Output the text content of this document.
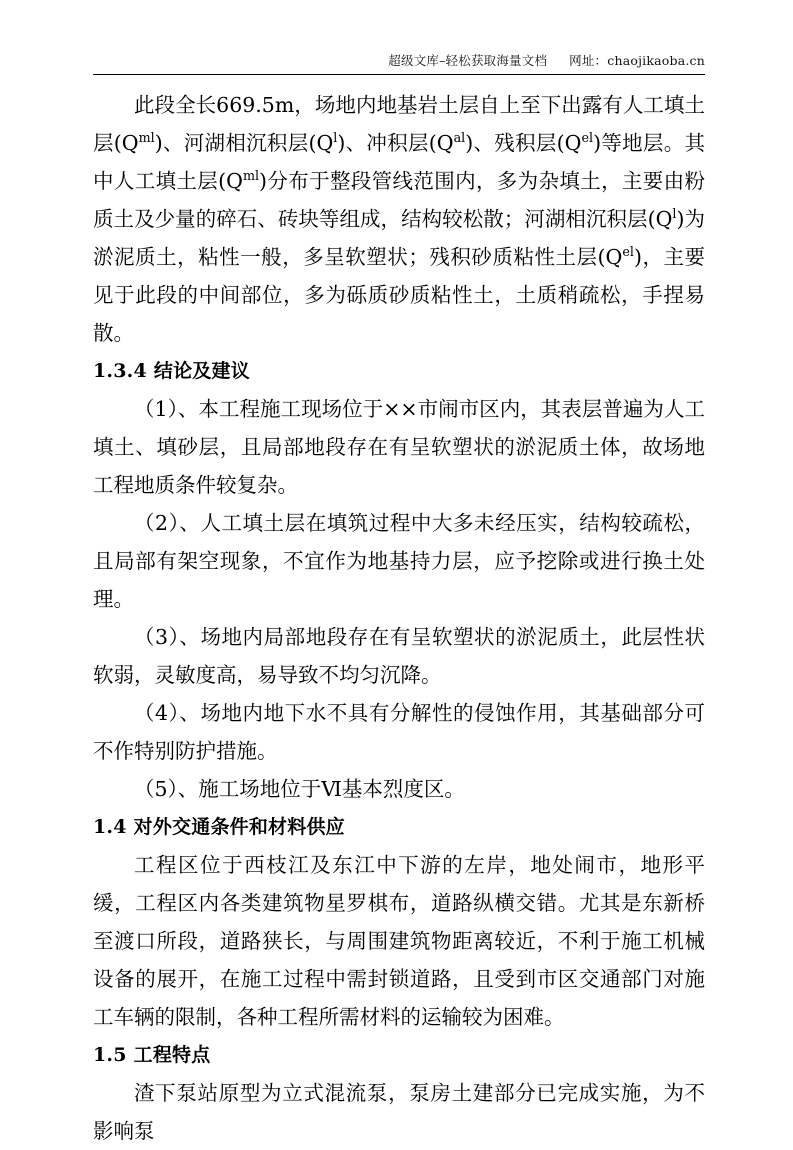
超级文库–轻松获取海量文档 网址：chaojikaoba.cn

此段全长669.5m，场地内地基岩土层自上至下出露有人工填土层$(Q^{ml})$、河湖相沉积层$(Q^l)$、冲积层$(Q^{al})$、残积层$(Q^{el})$等地层。其中人工填土层$(Q^{ml})$分布于整段管线范围内，多为杂填土，主要由粉质土及少量的碎石、砖块等组成，结构较松散；河湖相沉积层$(Q^l)$为淤泥质土，粘性一般，多呈软塑状；残积砂质粘性土层$(Q^{el})$，主要见于此段的中间部位，多为砾质砂质粘性土，土质稍疏松，手捏易散。

1.3.4 结论及建议

（1）、本工程施工现场位于××市闹市区内，其表层普遍为人工填土、填砂层，且局部地段存在有呈软塑状的淤泥质土体，故场地工程地质条件较复杂。

（2）、人工填土层在填筑过程中大多未经压实，结构较疏松，且局部有架空现象，不宜作为地基持力层，应予挖除或进行换土处理。

（3）、场地内局部地段存在有呈软塑状的淤泥质土，此层性状软弱，灵敏度高，易导致不均匀沉降。

（4）、场地内地下水不具有分解性的侵蚀作用，其基础部分可不作特别防护措施。

（5）、施工场地位于Ⅵ基本烈度区。

1.4 对外交通条件和材料供应

工程区位于西枝江及东江中下游的左岸，地处闹市，地形平缓，工程区内各类建筑物星罗棋布，道路纵横交错。尤其是东新桥至渡口所段，道路狭长，与周围建筑物距离较近，不利于施工机械设备的展开，在施工过程中需封锁道路，且受到市区交通部门对施工车辆的限制，各种工程所需材料的运输较为困难。

1.5 工程特点

渣下泵站原型为立式混流泵，泵房土建部分已完成实施，为不影响泵
